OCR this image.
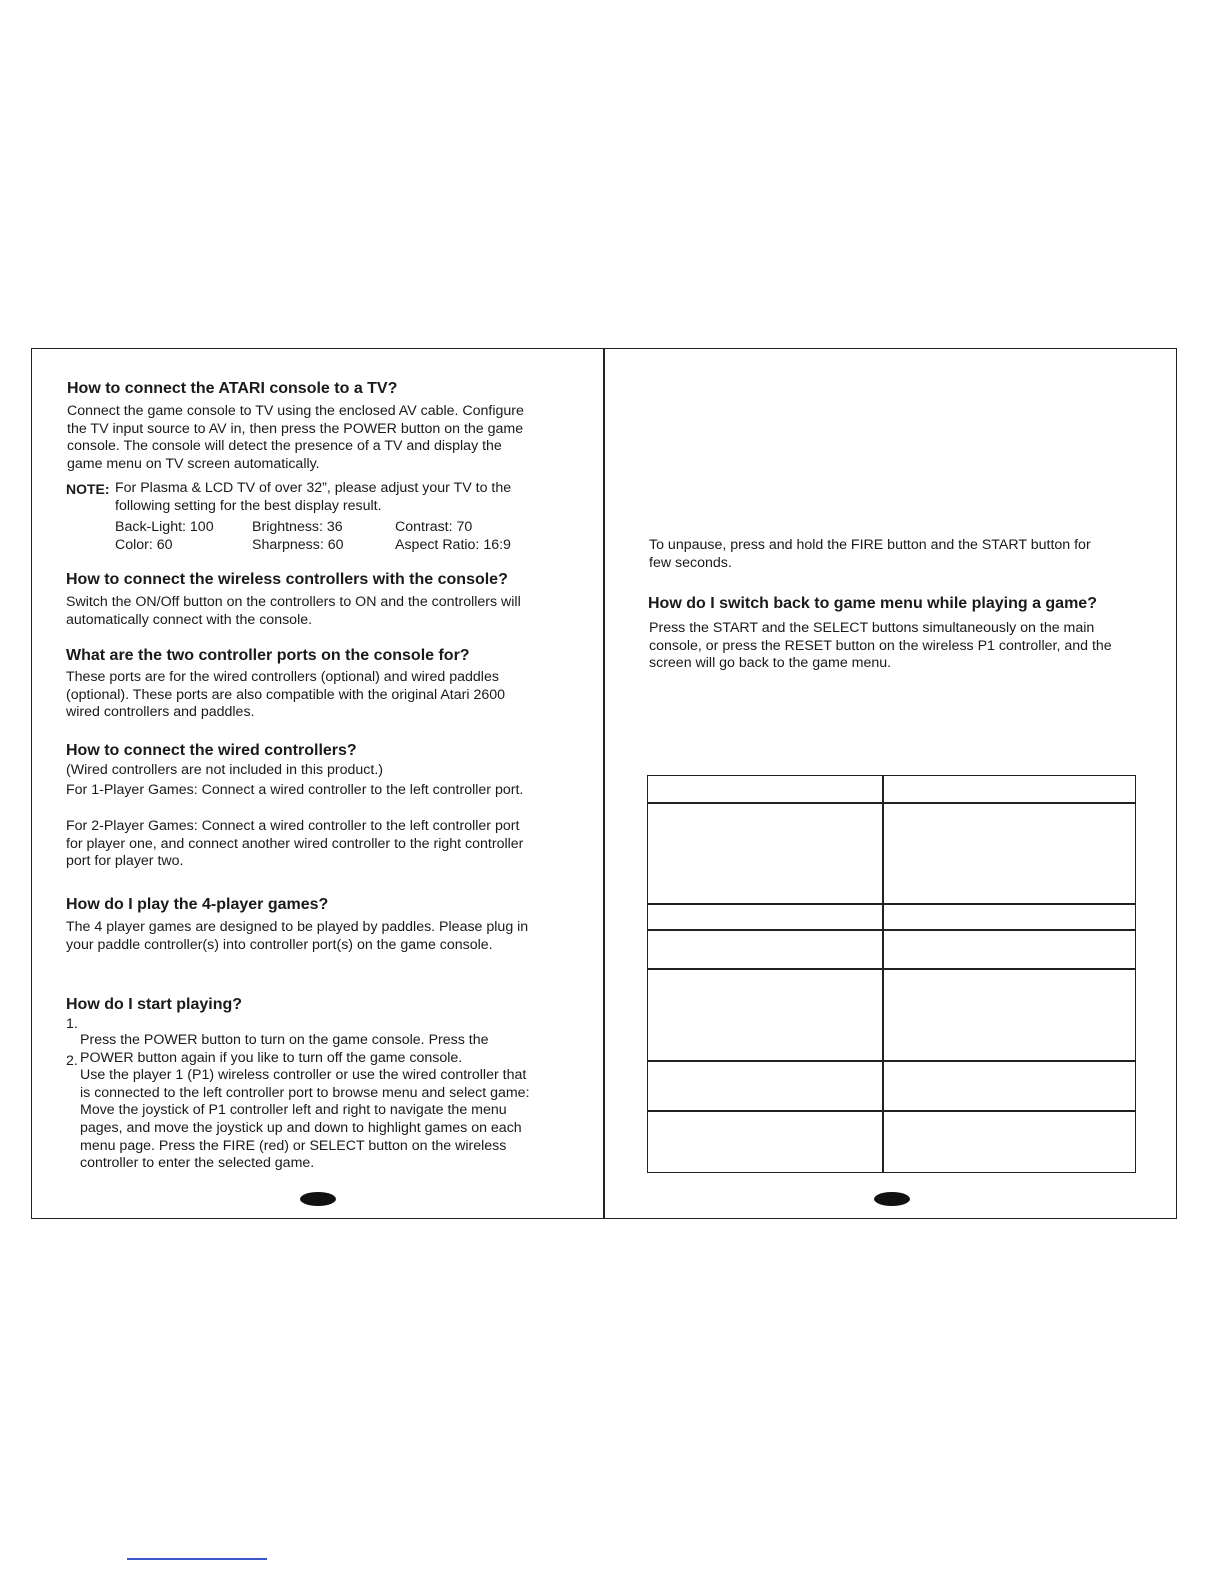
How to connect the ATARI console to a TV?

Connect the game console to TV using the enclosed AV cable. Configure the TV input source to AV in, then press the POWER button on the game console. The console will detect the presence of a TV and display the game menu on TV screen automatically.

NOTE: For Plasma & LCD TV of over 32”, please adjust your TV to the following setting for the best display result.

Back-Light: 100	Brightness: 36	Contrast: 70
Color: 60	Sharpness: 60	Aspect Ratio: 16:9
How to connect the wireless controllers with the console?

Switch the ON/Off button on the controllers to ON and the controllers will automatically connect with the console.

What are the two controller ports on the console for?

These ports are for the wired controllers (optional) and wired paddles (optional). These ports are also compatible with the original Atari 2600 wired controllers and paddles.

How to connect the wired controllers?

(Wired controllers are not included in this product.)

For 1-Player Games: Connect a wired controller to the left controller port.

For 2-Player Games: Connect a wired controller to the left controller port for player one, and connect another wired controller to the right controller port for player two.

How do I play the 4-player games?

The 4 player games are designed to be played by paddles. Please plug in your paddle controller(s) into controller port(s) on the game console.

How do I start playing?
1.

Press the POWER button to turn on the game console. Press the POWER button again if you like to turn off the game console.

2.

Use the player 1 (P1) wireless controller or use the wired controller that is connected to the left controller port to browse menu and select game: Move the joystick of P1 controller left and right to navigate the menu pages, and move the joystick up and down to highlight games on each menu page. Press the FIRE (red) or SELECT button on the wireless controller to enter the selected game.

To unpause, press and hold the FIRE button and the START button for few seconds.

How do I switch back to game menu while playing a game?

Press the START and the SELECT buttons simultaneously on the main console, or press the RESET button on the wireless P1 controller, and the screen will go back to the game menu.
